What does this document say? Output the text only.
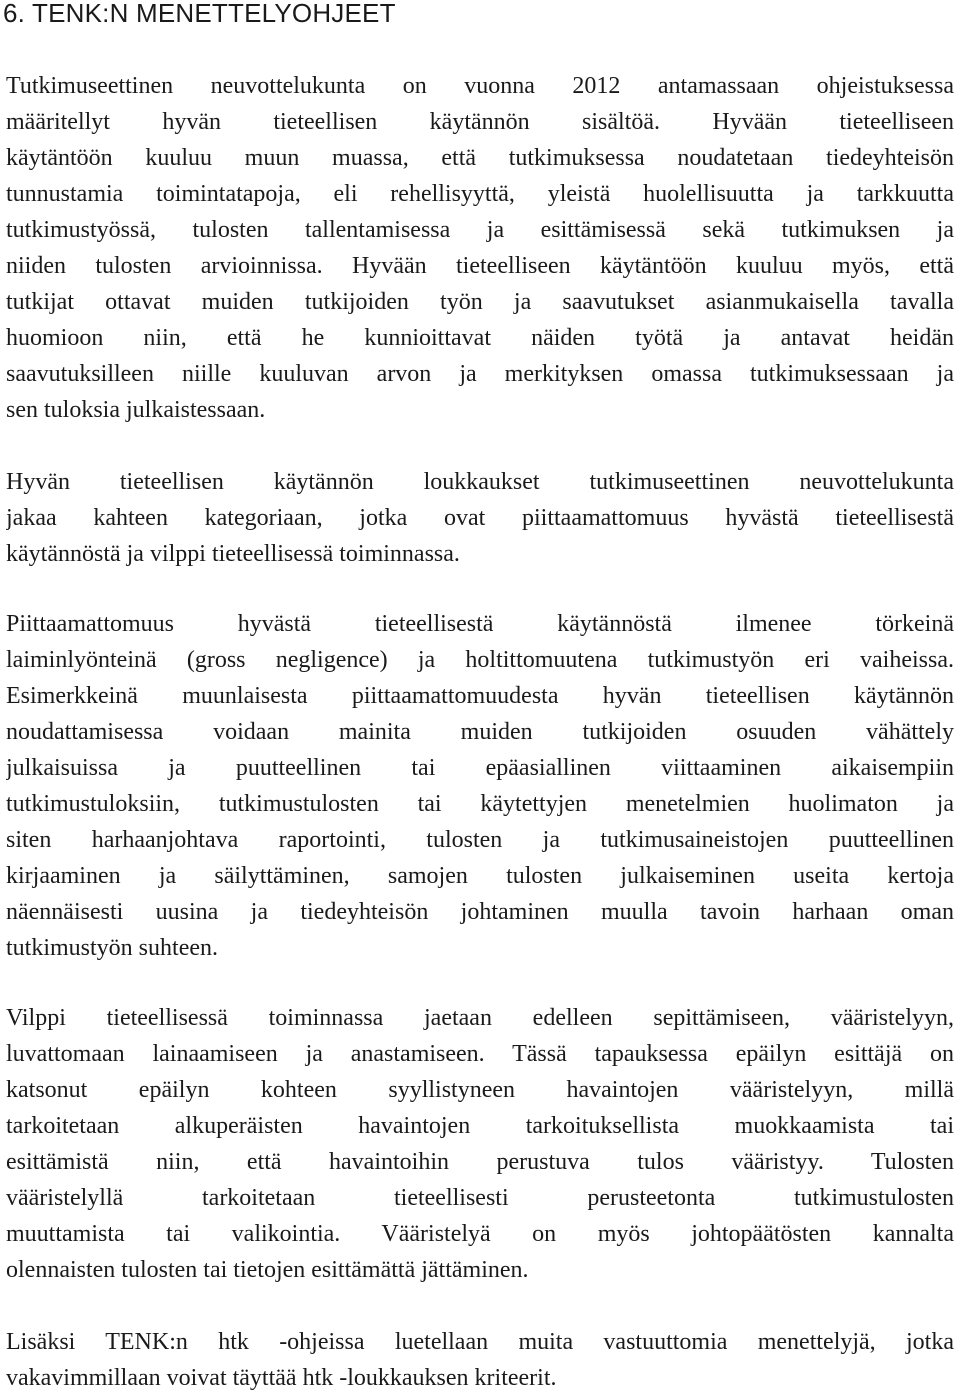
6. TENK:N MENETTELYOHJEET
Tutkimuseettinen neuvottelukunta on vuonna 2012 antamassaan ohjeistuksessa
määritellyt hyvän tieteellisen käytännön sisältöä. Hyvään tieteelliseen
käytäntöön kuuluu muun muassa, että tutkimuksessa noudatetaan tiedeyhteisön
tunnustamia toimintatapoja, eli rehellisyyttä, yleistä huolellisuutta ja tarkkuutta
tutkimustyössä, tulosten tallentamisessa ja esittämisessä sekä tutkimuksen ja
niiden tulosten arvioinnissa. Hyvään tieteelliseen käytäntöön kuuluu myös, että
tutkijat ottavat muiden tutkijoiden työn ja saavutukset asianmukaisella tavalla
huomioon niin, että he kunnioittavat näiden työtä ja antavat heidän
saavutuksilleen niille kuuluvan arvon ja merkityksen omassa tutkimuksessaan ja
sen tuloksia julkaistessaan.
Hyvän tieteellisen käytännön loukkaukset tutkimuseettinen neuvottelukunta
jakaa kahteen kategoriaan, jotka ovat piittaamattomuus hyvästä tieteellisestä
käytännöstä ja vilppi tieteellisessä toiminnassa.
Piittaamattomuus hyvästä tieteellisestä käytännöstä ilmenee törkeinä
laiminlyönteinä (gross negligence) ja holtittomuutena tutkimustyön eri vaiheissa.
Esimerkkeinä muunlaisesta piittaamattomuudesta hyvän tieteellisen käytännön
noudattamisessa voidaan mainita muiden tutkijoiden osuuden vähättely
julkaisuissa ja puutteellinen tai epäasiallinen viittaaminen aikaisempiin
tutkimustuloksiin, tutkimustulosten tai käytettyjen menetelmien huolimaton ja
siten harhaanjohtava raportointi, tulosten ja tutkimusaineistojen puutteellinen
kirjaaminen ja säilyttäminen, samojen tulosten julkaiseminen useita kertoja
näennäisesti uusina ja tiedeyhteisön johtaminen muulla tavoin harhaan oman
tutkimustyön suhteen.
Vilppi tieteellisessä toiminnassa jaetaan edelleen sepittämiseen, vääristelyyn,
luvattomaan lainaamiseen ja anastamiseen. Tässä tapauksessa epäilyn esittäjä on
katsonut epäilyn kohteen syyllistyneen havaintojen vääristelyyn, millä
tarkoitetaan alkuperäisten havaintojen tarkoituksellista muokkaamista tai
esittämistä niin, että havaintoihin perustuva tulos vääristyy. Tulosten
vääristelyllä tarkoitetaan tieteellisesti perusteetonta tutkimustulosten
muuttamista tai valikointia. Vääristelyä on myös johtopäätösten kannalta
olennaisten tulosten tai tietojen esittämättä jättäminen.
Lisäksi TENK:n htk -ohjeissa luetellaan muita vastuuttomia menettelyjä, jotka
vakavimmillaan voivat täyttää htk -loukkauksen kriteerit.
